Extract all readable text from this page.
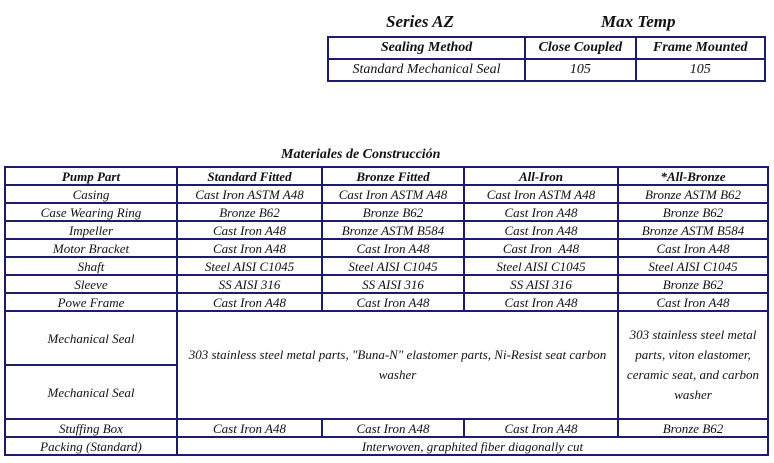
Series AZ	Max Temp
Sealing Method	Close Coupled	Frame Mounted
Standard Mechanical Seal	105	105
Materiales de Construcción
Pump Part	Standard Fitted	Bronze Fitted	All-Iron	*All-Bronze
Casing	Cast Iron ASTM A48	Cast Iron ASTM A48	Cast Iron ASTM A48	Bronze ASTM B62
Case Wearing Ring	Bronze B62	Bronze B62	Cast Iron A48	Bronze B62
Impeller	Cast Iron A48	Bronze ASTM B584	Cast Iron A48	Bronze ASTM B584
Motor Bracket	Cast Iron A48	Cast Iron A48	Cast Iron  A48	Cast Iron A48
Shaft	Steel AISI C1045	Steel AISI C1045	Steel AISI C1045	Steel AISI C1045
Sleeve	SS AISI 316	SS AISI 316	SS AISI 316	Bronze B62
Powe Frame	Cast Iron A48	Cast Iron A48	Cast Iron A48	Cast Iron A48
Mechanical Seal	303 stainless steel metal parts, "Buna-N" elastomer parts, Ni-Resist seat carbon washer			303 stainless steel metal parts, viton elastomer, ceramic seat, and carbon washer
Mechanical Seal				
Stuffing Box	Cast Iron A48	Cast Iron A48	Cast Iron A48	Bronze B62
Packing (Standard)	Interwoven, graphited fiber diagonally cut			
